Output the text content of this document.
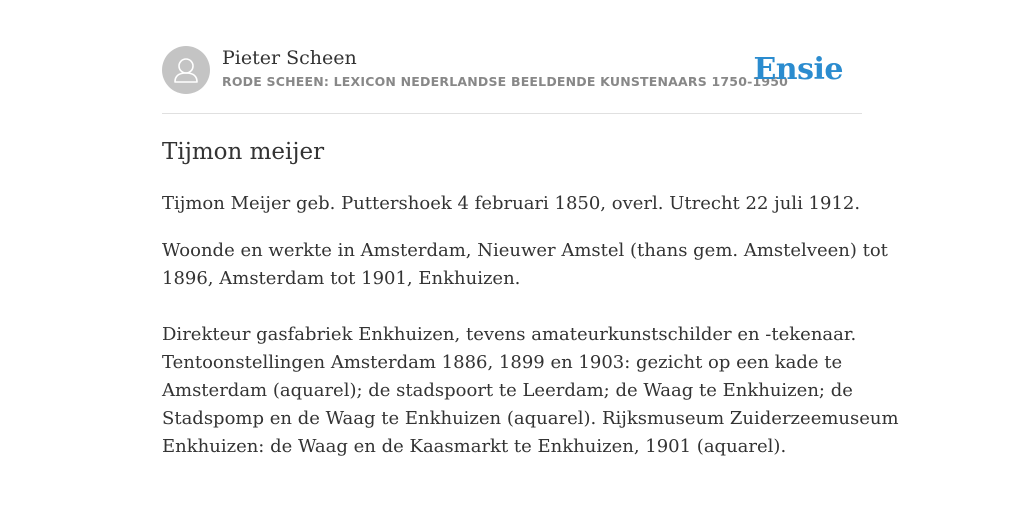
Pieter Scheen
RODE SCHEEN: LEXICON NEDERLANDSE BEELDENDE KUNSTENAARS 1750-1950
Ensie
Tijmon meijer
Tijmon Meijer geb. Puttershoek 4 februari 1850, overl. Utrecht 22 juli 1912.
Woonde en werkte in Amsterdam, Nieuwer Amstel (thans gem. Amstelveen) tot
1896, Amsterdam tot 1901, Enkhuizen.
Direkteur gasfabriek Enkhuizen, tevens amateurkunstschilder en -tekenaar.
Tentoonstellingen Amsterdam 1886, 1899 en 1903: gezicht op een kade te
Amsterdam (aquarel); de stadspoort te Leerdam; de Waag te Enkhuizen; de
Stadspomp en de Waag te Enkhuizen (aquarel). Rijksmuseum Zuiderzeemuseum
Enkhuizen: de Waag en de Kaasmarkt te Enkhuizen, 1901 (aquarel).
